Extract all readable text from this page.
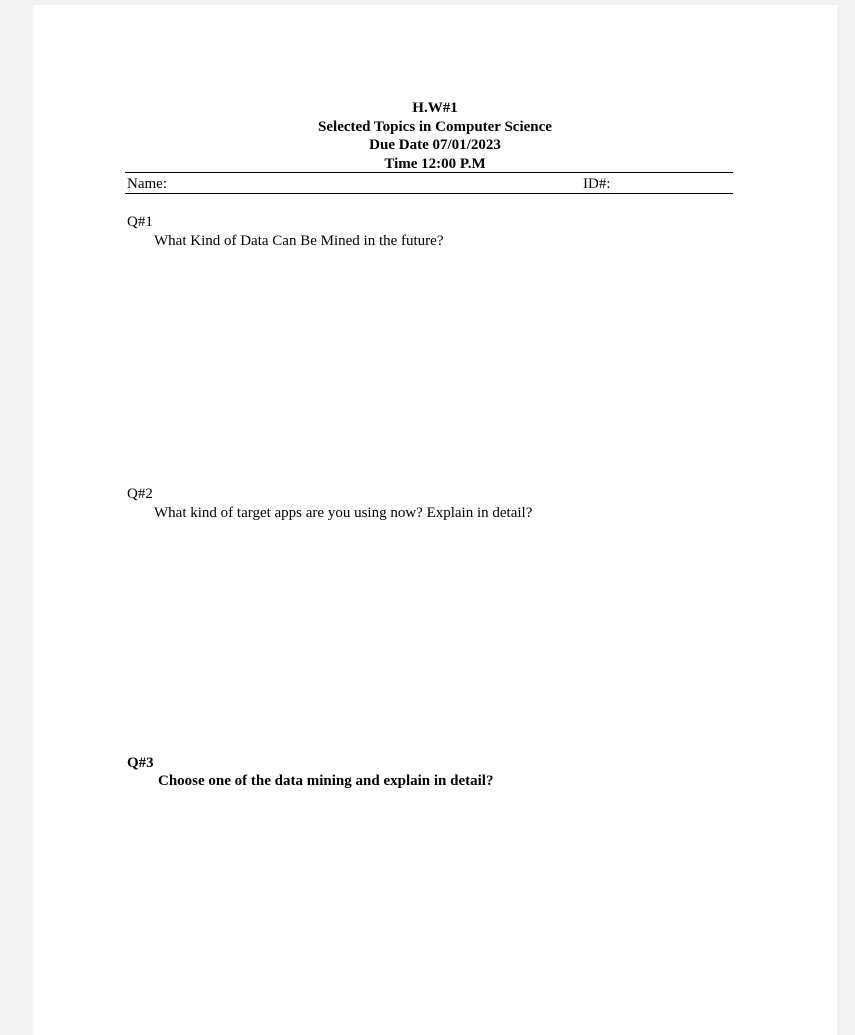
H.W#1
Selected Topics in Computer Science
Due Date 07/01/2023
Time 12:00 P.M
Name:	ID#:
Q#1
What Kind of Data Can Be Mined in the future?
Q#2
What kind of target apps are you using now? Explain in detail?
Q#3
Choose one of the data mining and explain in detail?
